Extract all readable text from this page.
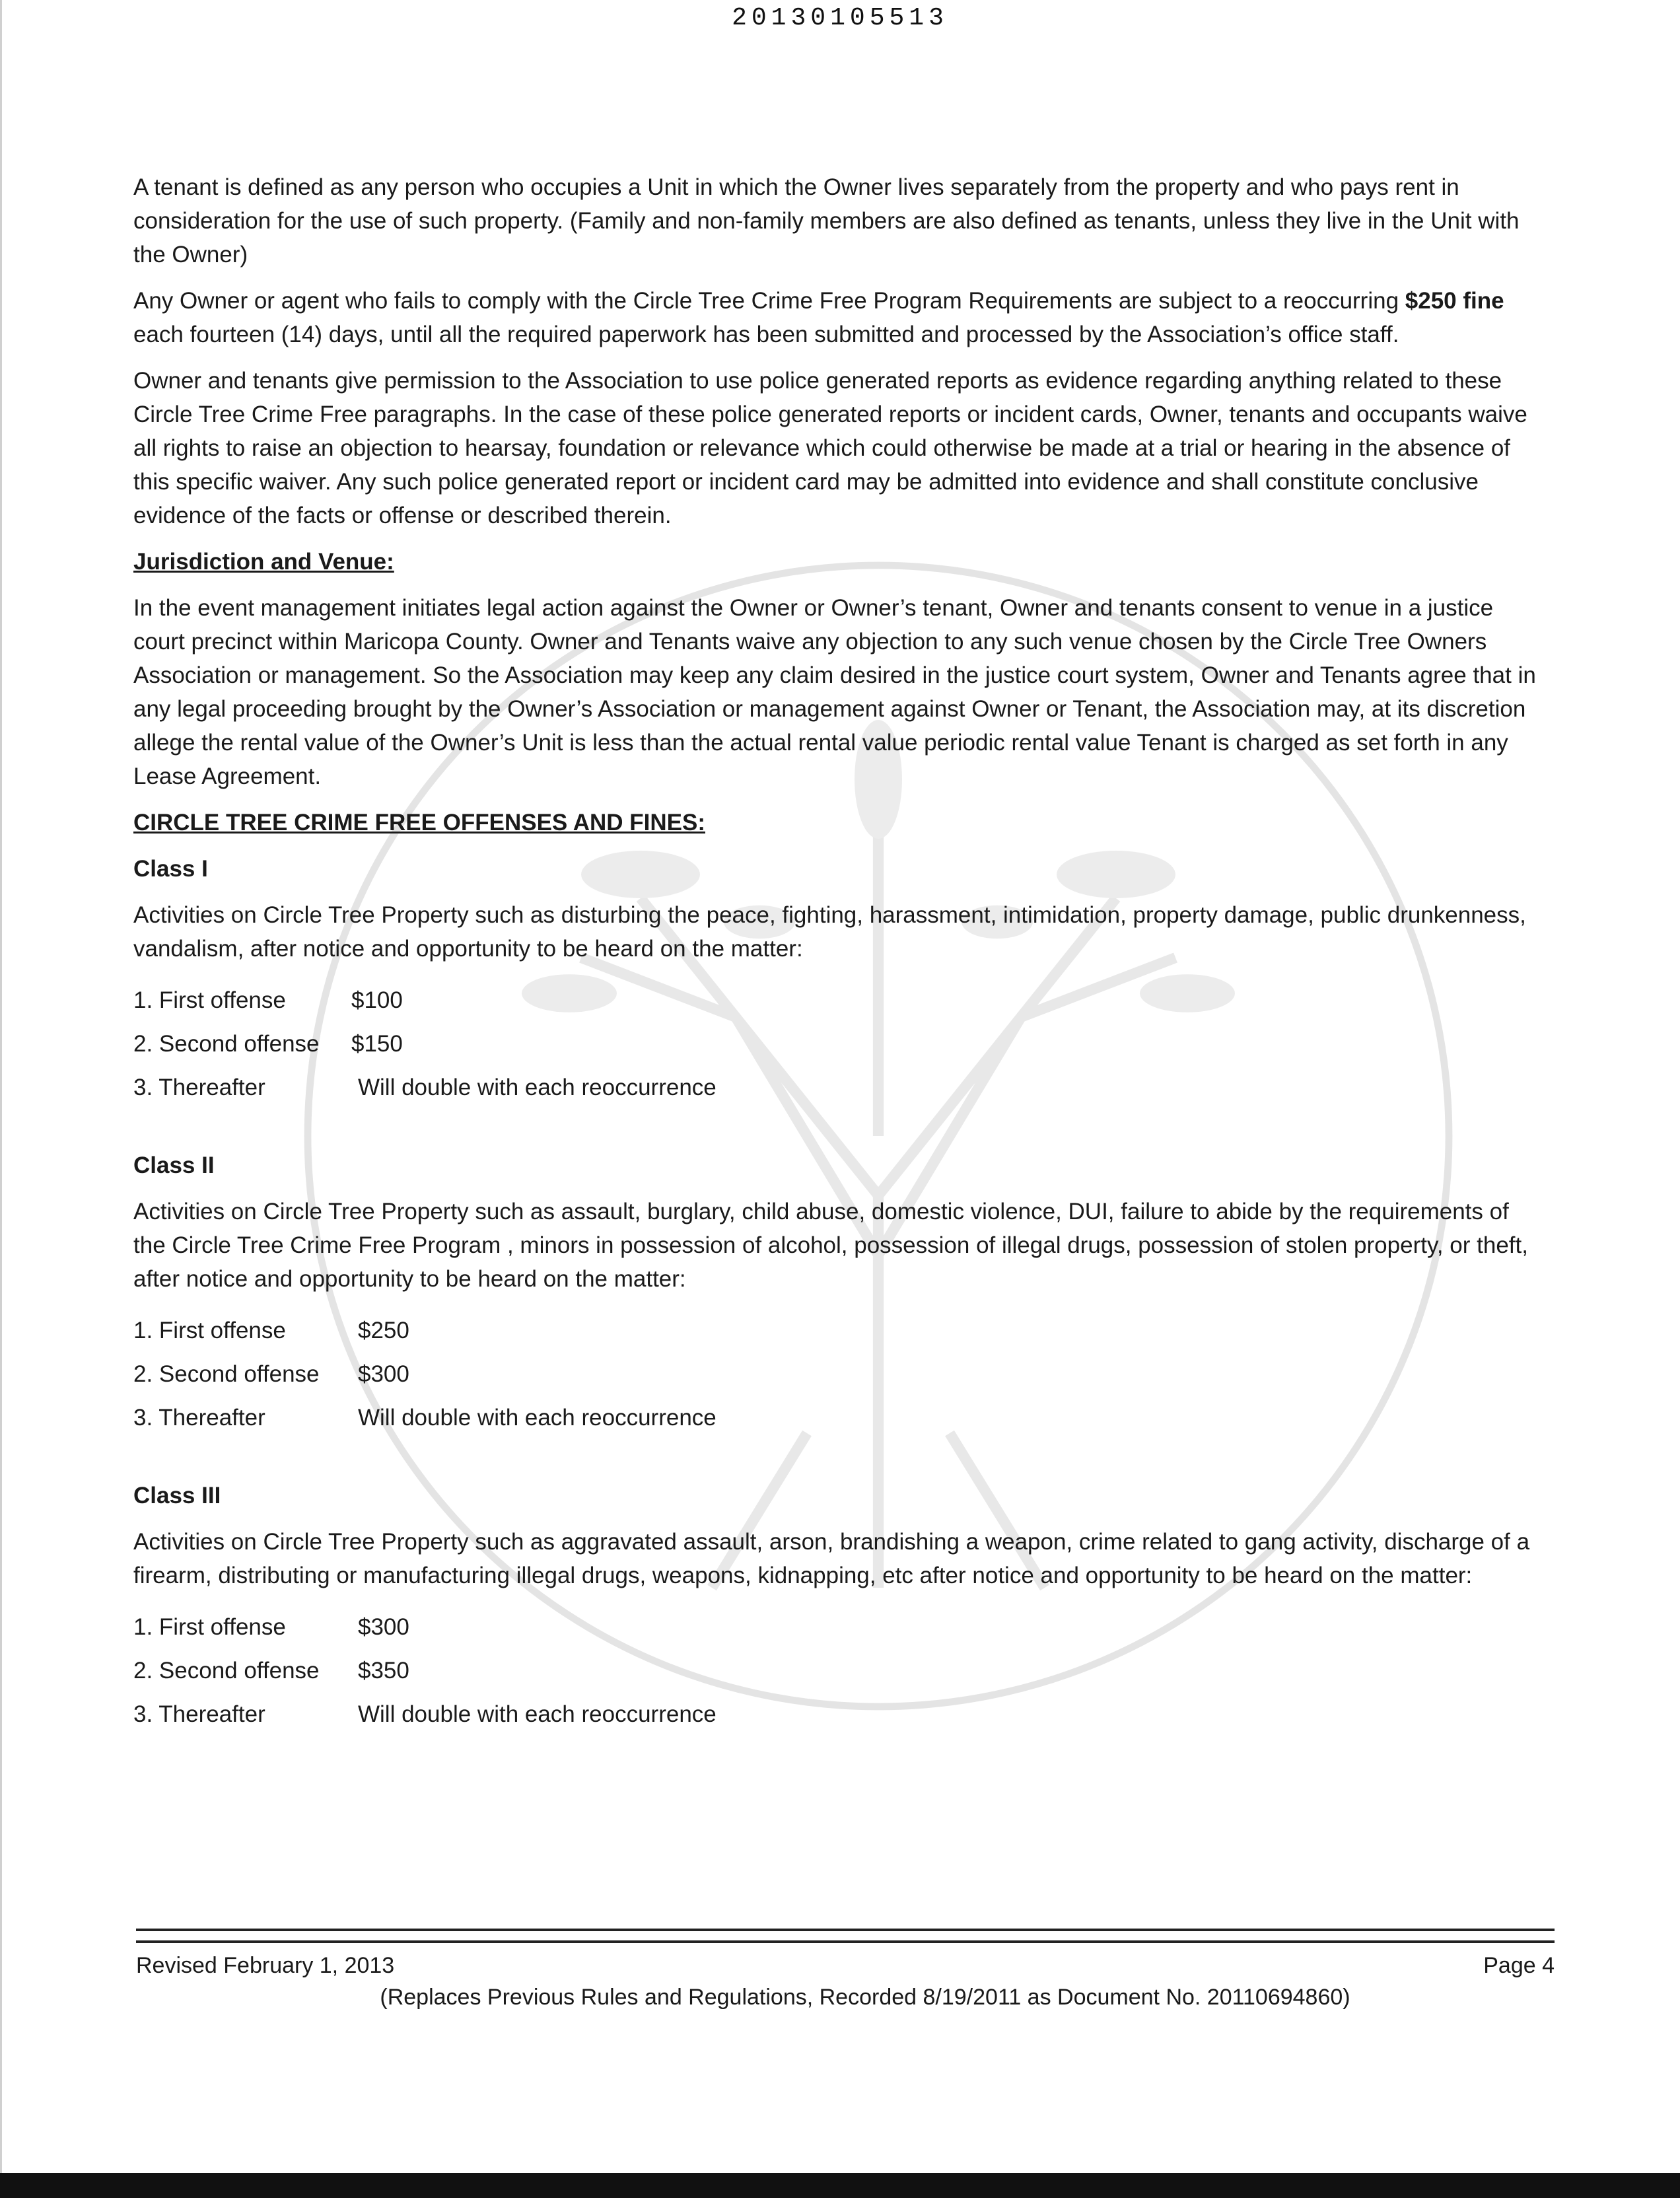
20130105513

A tenant is defined as any person who occupies a Unit in which the Owner lives separately from the property and who pays rent in consideration for the use of such property. (Family and non-family members are also defined as tenants, unless they live in the Unit with the Owner)

Any Owner or agent who fails to comply with the Circle Tree Crime Free Program Requirements are subject to a reoccurring $250 fine each fourteen (14) days, until all the required paperwork has been submitted and processed by the Association’s office staff.

Owner and tenants give permission to the Association to use police generated reports as evidence regarding anything related to these Circle Tree Crime Free paragraphs. In the case of these police generated reports or incident cards, Owner, tenants and occupants waive all rights to raise an objection to hearsay, foundation or relevance which could otherwise be made at a trial or hearing in the absence of this specific waiver. Any such police generated report or incident card may be admitted into evidence and shall constitute conclusive evidence of the facts or offense or described therein.

Jurisdiction and Venue:

In the event management initiates legal action against the Owner or Owner’s tenant, Owner and tenants consent to venue in a justice court precinct within Maricopa County. Owner and Tenants waive any objection to any such venue chosen by the Circle Tree Owners Association or management. So the Association may keep any claim desired in the justice court system, Owner and Tenants agree that in any legal proceeding brought by the Owner’s Association or management against Owner or Tenant, the Association may, at its discretion allege the rental value of the Owner’s Unit is less than the actual rental value periodic rental value Tenant is charged as set forth in any Lease Agreement.

CIRCLE TREE CRIME FREE OFFENSES AND FINES:

Class I

Activities on Circle Tree Property such as disturbing the peace, fighting, harassment, intimidation, property damage, public drunkenness, vandalism, after notice and opportunity to be heard on the matter:

1. First offense	$100
2. Second offense	$150
3. Thereafter	Will double with each reoccurrence

Class II

Activities on Circle Tree Property such as assault, burglary, child abuse, domestic violence, DUI, failure to abide by the requirements of the Circle Tree Crime Free Program , minors in possession of alcohol, possession of illegal drugs, possession of stolen property, or theft, after notice and opportunity to be heard on the matter:

1. First offense	$250
2. Second offense	$300
3. Thereafter	Will double with each reoccurrence

Class III

Activities on Circle Tree Property such as aggravated assault, arson, brandishing a weapon, crime related to gang activity, discharge of a firearm, distributing or manufacturing illegal drugs, weapons, kidnapping, etc after notice and opportunity to be heard on the matter:

1. First offense	$300
2. Second offense	$350
3. Thereafter	Will double with each reoccurrence
Revised February 1, 2013	Page 4
(Replaces Previous Rules and Regulations, Recorded 8/19/2011 as Document No. 20110694860)
